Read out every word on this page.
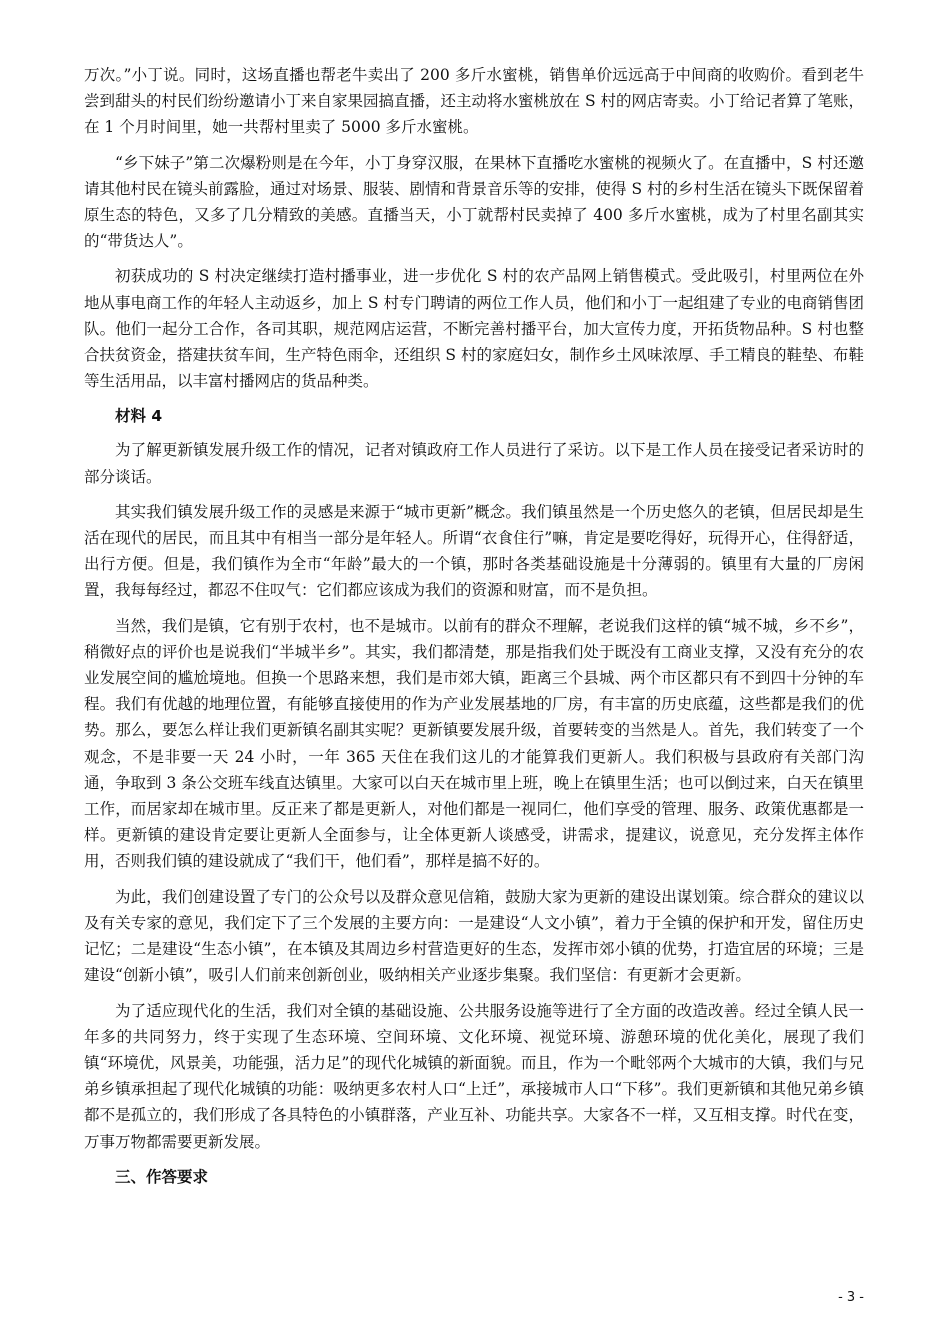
万次。”小丁说。同时，这场直播也帮老牛卖出了 200 多斤水蜜桃，销售单价远远高于中间商的收购价。看到老牛尝到甜头的村民们纷纷邀请小丁来自家果园搞直播，还主动将水蜜桃放在 S 村的网店寄卖。小丁给记者算了笔账，在 1 个月时间里，她一共帮村里卖了 5000 多斤水蜜桃。

“乡下妹子”第二次爆粉则是在今年，小丁身穿汉服，在果林下直播吃水蜜桃的视频火了。在直播中，S 村还邀请其他村民在镜头前露脸，通过对场景、服装、剧情和背景音乐等的安排，使得 S 村的乡村生活在镜头下既保留着原生态的特色，又多了几分精致的美感。直播当天，小丁就帮村民卖掉了 400 多斤水蜜桃，成为了村里名副其实的“带货达人”。

初获成功的 S 村决定继续打造村播事业，进一步优化 S 村的农产品网上销售模式。受此吸引，村里两位在外地从事电商工作的年轻人主动返乡，加上 S 村专门聘请的两位工作人员，他们和小丁一起组建了专业的电商销售团队。他们一起分工合作，各司其职，规范网店运营，不断完善村播平台，加大宣传力度，开拓货物品种。S 村也整合扶贫资金，搭建扶贫车间，生产特色雨伞，还组织 S 村的家庭妇女，制作乡土风味浓厚、手工精良的鞋垫、布鞋等生活用品，以丰富村播网店的货品种类。

材料 4

为了解更新镇发展升级工作的情况，记者对镇政府工作人员进行了采访。以下是工作人员在接受记者采访时的部分谈话。

其实我们镇发展升级工作的灵感是来源于“城市更新”概念。我们镇虽然是一个历史悠久的老镇，但居民却是生活在现代的居民，而且其中有相当一部分是年轻人。所谓“衣食住行”嘛，肯定是要吃得好，玩得开心，住得舒适，出行方便。但是，我们镇作为全市“年龄”最大的一个镇，那时各类基础设施是十分薄弱的。镇里有大量的厂房闲置，我每每经过，都忍不住叹气：它们都应该成为我们的资源和财富，而不是负担。

当然，我们是镇，它有别于农村，也不是城市。以前有的群众不理解，老说我们这样的镇“城不城，乡不乡”，稍微好点的评价也是说我们“半城半乡”。其实，我们都清楚，那是指我们处于既没有工商业支撑，又没有充分的农业发展空间的尴尬境地。但换一个思路来想，我们是市郊大镇，距离三个县城、两个市区都只有不到四十分钟的车程。我们有优越的地理位置，有能够直接使用的作为产业发展基地的厂房，有丰富的历史底蕴，这些都是我们的优势。那么，要怎么样让我们更新镇名副其实呢？更新镇要发展升级，首要转变的当然是人。首先，我们转变了一个观念，不是非要一天 24 小时，一年 365 天住在我们这儿的才能算我们更新人。我们积极与县政府有关部门沟通，争取到 3 条公交班车线直达镇里。大家可以白天在城市里上班，晚上在镇里生活；也可以倒过来，白天在镇里工作，而居家却在城市里。反正来了都是更新人，对他们都是一视同仁，他们享受的管理、服务、政策优惠都是一样。更新镇的建设肯定要让更新人全面参与，让全体更新人谈感受，讲需求，提建议，说意见，充分发挥主体作用，否则我们镇的建设就成了“我们干，他们看”，那样是搞不好的。

为此，我们创建设置了专门的公众号以及群众意见信箱，鼓励大家为更新的建设出谋划策。综合群众的建议以及有关专家的意见，我们定下了三个发展的主要方向：一是建设“人文小镇”，着力于全镇的保护和开发，留住历史记忆；二是建设“生态小镇”，在本镇及其周边乡村营造更好的生态，发挥市郊小镇的优势，打造宜居的环境；三是建设“创新小镇”，吸引人们前来创新创业，吸纳相关产业逐步集聚。我们坚信：有更新才会更新。

为了适应现代化的生活，我们对全镇的基础设施、公共服务设施等进行了全方面的改造改善。经过全镇人民一年多的共同努力，终于实现了生态环境、空间环境、文化环境、视觉环境、游憩环境的优化美化，展现了我们镇“环境优，风景美，功能强，活力足”的现代化城镇的新面貌。而且，作为一个毗邻两个大城市的大镇，我们与兄弟乡镇承担起了现代化城镇的功能：吸纳更多农村人口“上迁”，承接城市人口“下移”。我们更新镇和其他兄弟乡镇都不是孤立的，我们形成了各具特色的小镇群落，产业互补、功能共享。大家各不一样，又互相支撑。时代在变，万事万物都需要更新发展。

三、作答要求
- 3 -
